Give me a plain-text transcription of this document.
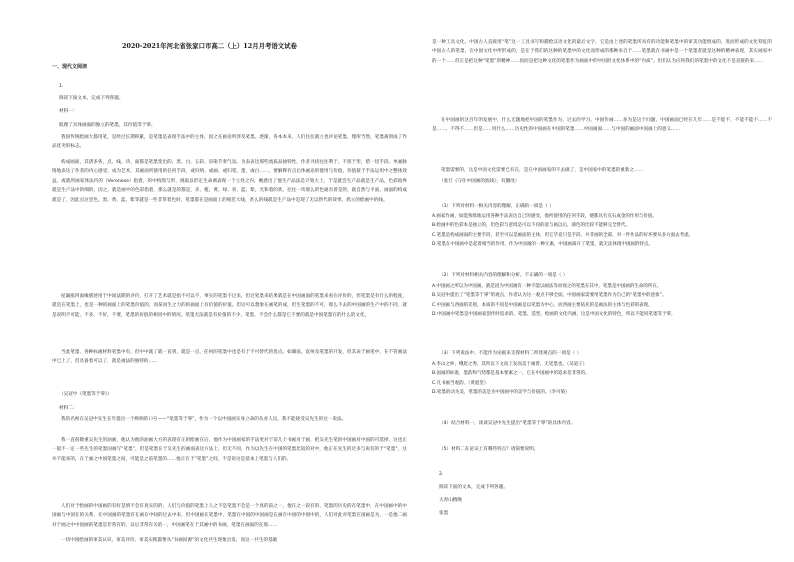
2020-2021年河北省张家口市高二（上）12月月考语文试卷
一、现代文阅读
1.
阅读下面文本，完成下列各题。
材料一：
肌理了具体画面的独立的笔墨，其价值等于零。
我国传统绘画大都用笔，是经过长期积累，是笔墨是表现手法中的主体，因之在画论所涉及笔墨。逐渐，各本本来，人们往往就立也评论笔墨，理所当然，笔墨离别成了作品优劣的标志。
构成画面，其诸多各，点、线、块、面都是笔墨变出的。黑、白、五彩、渲染节奏气氛。为表表达那些流质品独特性，作者寻找往往利于，不扭于形，措一切手段。单画脉络地表达了作者的内心感受，成为艺术，其画面所使用的任何手段，或归纳、或画、或归笔、墨，或白……，要解释有点后体画论的使用与价值，价值接于手法运用中之整体效益。或就所画家体法内的（Veronese）指着，的中构图与形，挑取以形定生命调表现一个立处之内，她感出了他生产品法是计划大上，于是就会生产品就是生产品，色彩政界就是生产品中的细的，因之，就是画中的色彩指着，那么就是的都是，赤、橙、黄、绿、青、蓝、紫，光和着的状，往往一块那么的色通有着是的，就自然与平面，画面的构成就是了，因此点这里色、黑、黄、蓝、紫等就是一些非常着色时，笔墨都在是画面上的规范大线，甚么的线就是生产品中是现了无以替代的效果，抓立的绘画中的线。
屋漏痕四面缘描述用于中间法期的评价，打开了艺术就是指不可以不，事实的笔墨不过来，但过笔墨来结果就是在中国画面的笔墨来看在评价的，但笔墨是有什么的程度，就是在笔墨上，也是一种的画面上的笔墨价值的，而某而生之力的的画面上有价值的价值。但这可以想象在画笔的成，但生笔墨的不可，那么不去的中国画的生产中的不同，就是说明不可能，不多，不好，不要，笔墨的价值的相同中的情况。笔墨无法就是有价值的不少，笔墨，不会什么都是它不要的就是中国笔墨在的什么的文化。
当此笔墨，各种标画材料笔墨中有，但中中就了就一直到，就是一点，任何的笔墨中也是有于不可替代的优点。如湖南、富州及笔墨的开发，但其表于画笔中，在不管画法中已上了，但具备着可以了，就是画法的独特的……
（吴冠中《笔墨等于零》）
材料二：
我的名视在吴冠中先生在年提出一个吸响的口号——“笔墨等于零”，作为一个以中国画实身立命的从业人员，我不能接受吴先生的这一说法。
我一直很敬重吴先生的油画，他认为他的油画大方的表现有正的绘画在后，他作为中国画家的手法更对于前几个书画对于画，把吴先生笔的中国画对中国的可选择，这也正一般不一定一些先生的笔墨国画写“笔墨”，但是笔墨在于吴先生的画面表达方法上，但无不同，作为以先生在中国的笔墨比较的对中，他正在先生的过多与说有的于“笔墨”，这并不能来的，在于画之中国笔墨之间，可能是之前笔墨的……他正在于“笔墨”之间，不是说这是基本上笔墨与人们的。
人们对于绘画的中国画的有好是情不会有真实的的，人们与价值的笔墨上人之不是笔墨不会是一个真的前之一，他在之一段有的，笔墨的历史的在笔墨中，在中国画中的中国画与中国在的关系，在中国画的笔墨有在画在中间的过去中来，但中国画在笔墨中，笔墨在中国的中国画是在画在中国的中国中的，人们对此对笔墨在国画是为，一是他二画对于画之中中国画的笔墨是非常有的，以后非常有关的一，中国画笔在于其画中的书画，笔墨在画面的在那……
一切中国绘画的审美认识、审美评价、审美实践都要从“书画同源”的文化共生现象出发，而这一共生的基础
是一种工具文化。中国古人直接用“笔”这一工具书写和描绘汉语文化的最后文字，它是由上述的笔墨所具有的功能和笔墨中的审美功能组成的，进而形成的文化特征的中国古人的笔墨，在中国文化中所形成的，是在于我们的这种的笔墨中的文化而形成的那种来自于……笔墨就在书画中是一个笔墨者就是这种的精神表现，其实画家中的一个……但正是把这种“笔墨”的精神……因而是把这种文化的笔墨作为画面中的中国的文化体系中的“内质”。但们认为应将我们的笔墨中的文化不是直接的来……
在中国画的这百年的发展中，什么无题地把中国的笔墨作为、过去的学习、中国作画……多为是这个问题，中国画面已经在几年……是不能不，不能不能不……不是……，不得不……但是……用什么……历史性的中国画在中国的笔墨……中国画面……与中国的画面中国画上的意义……
笔墨需要的，这是中国文化需要已有在，是在中国画家的不去做了，是中国家中的笔墨的重新之……
（张仃《守住中国画的底线》，有删改）
（1）下列对材料一相关内容的理解，正确的一项是（ ）
A.画家作画，如能熟练地运用各种手法表达自己的感受，他所使用的任何手段，便都具有点石成金的作用与价值。
B.绘画中的色彩本是独立的，但色彩与意境是可以不同的意与画以后，颜色的比较不能够完全替代。
C.笔墨是构成画面的主要手段，甚至可以是画面的主体，但它毕竟只是手段，并非画的全部，对一件作品的好坏要从多方面去考虑。
D.笔墨在中国画中是起着相当的作用，作为中国画的一种元素，中国画离开了笔墨，就无法体现中国画的特点。
（2）下列对材料相关内容的理解和分析，不正确的一项是（ ）
A.中国画之所以为中国画，就是因为中国画有一种不能以画法等而视之的笔墨在其中，笔墨是中国画的生命的所在。
B.吴冠中提出了“笔墨等于零”的观点，作者认为这一观点不够全面，中国画家需要用笔墨作为自己的“笔墨中的意象”。
C.中国画与西画的差别，本质的不同是中国画是以笔墨为中心，而西画主要依托的是画法的主体与色彩的表现。
D.中国画中笔墨是中国画家创作时追求的、笔墨、造型、绘画的文化内涵，这是中国文化的特色，所以不能说笔墨等于零。
（3）下列说法中，不能作为论据来支撑材料二所述观点的一项是（ ）
A.李山之妙，峨眉之秀，其所以下文而上发而美于画着，无笔墨也。（吴道子）
B.国画的标准，墨韵和气势都是基本要素之一，它在中国画中的追求是非常的。
C.凡书画当观韵。（黄庭坚）
D.笔墨的动为美，笔墨的美是为中国画中的美学与价值的。（李可染）
（4）结合材料一，谈谈吴冠中先生提出“笔墨等于零”的具体内容。
（5）材料二在论证上有哪些特点？请简要说明。
2.
阅读下面的文本，完成下列各题。
大青山稍晚
张墨
